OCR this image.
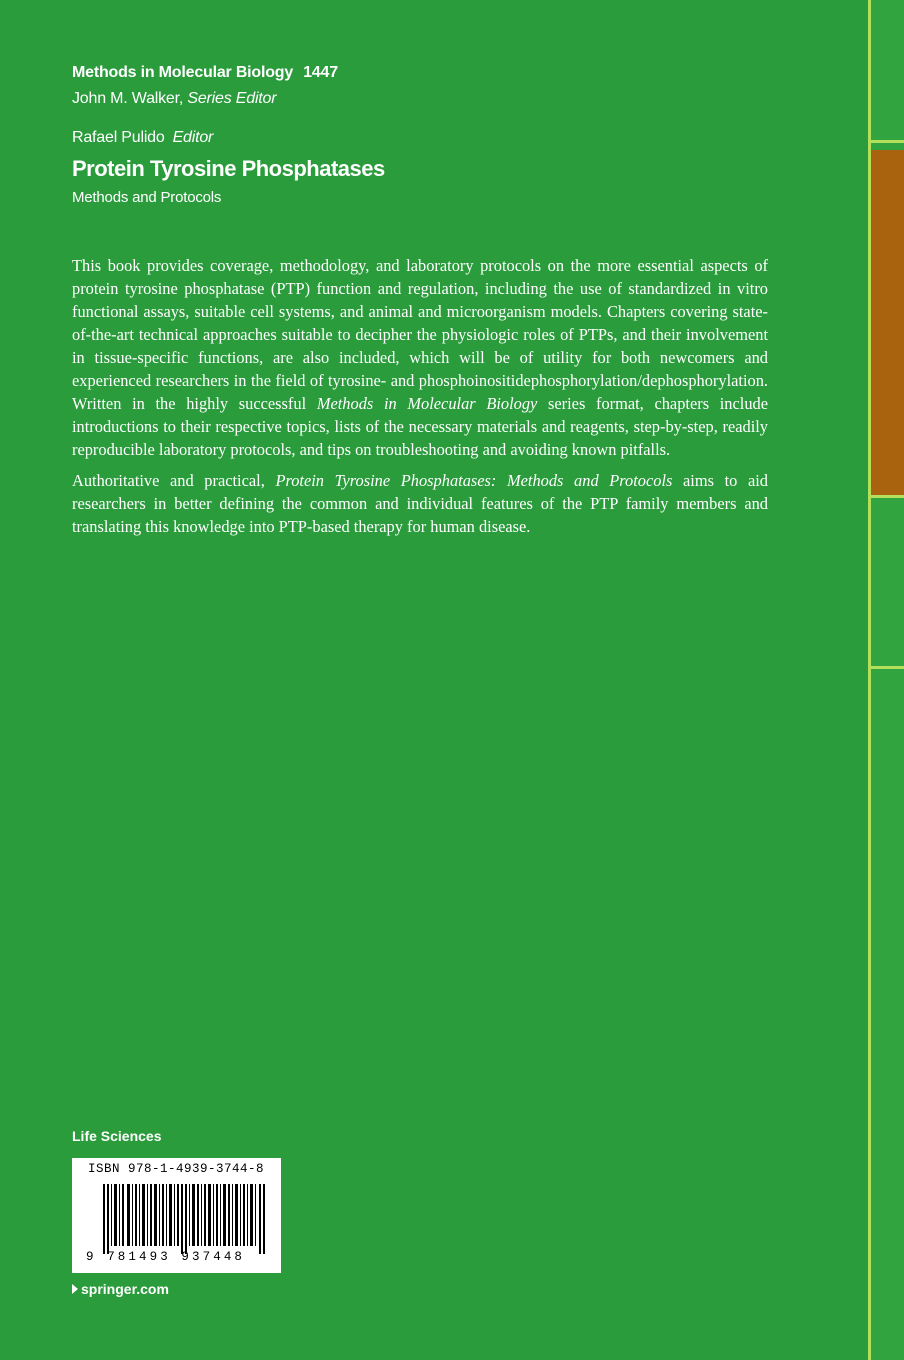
Methods in Molecular Biology 1447
John M. Walker, Series Editor
Rafael Pulido Editor
Protein Tyrosine Phosphatases
Methods and Protocols

This book provides coverage, methodology, and laboratory protocols on the more essential aspects of protein tyrosine phosphatase (PTP) function and regulation, including the use of standardized in vitro functional assays, suitable cell systems, and animal and microorganism models. Chapters covering state-of-the-art technical approaches suitable to decipher the physiologic roles of PTPs, and their involvement in tissue-specific functions, are also included, which will be of utility for both newcomers and experienced researchers in the field of tyrosine- and phosphoinositidephosphorylation/dephosphorylation. Written in the highly successful Methods in Molecular Biology series format, chapters include introductions to their respective topics, lists of the necessary materials and reagents, step-by-step, readily reproducible laboratory protocols, and tips on troubleshooting and avoiding known pitfalls.

Authoritative and practical, Protein Tyrosine Phosphatases: Methods and Protocols aims to aid researchers in better defining the common and individual features of the PTP family members and translating this knowledge into PTP-based therapy for human disease.

Life Sciences
ISBN 978-1-4939-3744-8
9 781493 937448
springer.com
